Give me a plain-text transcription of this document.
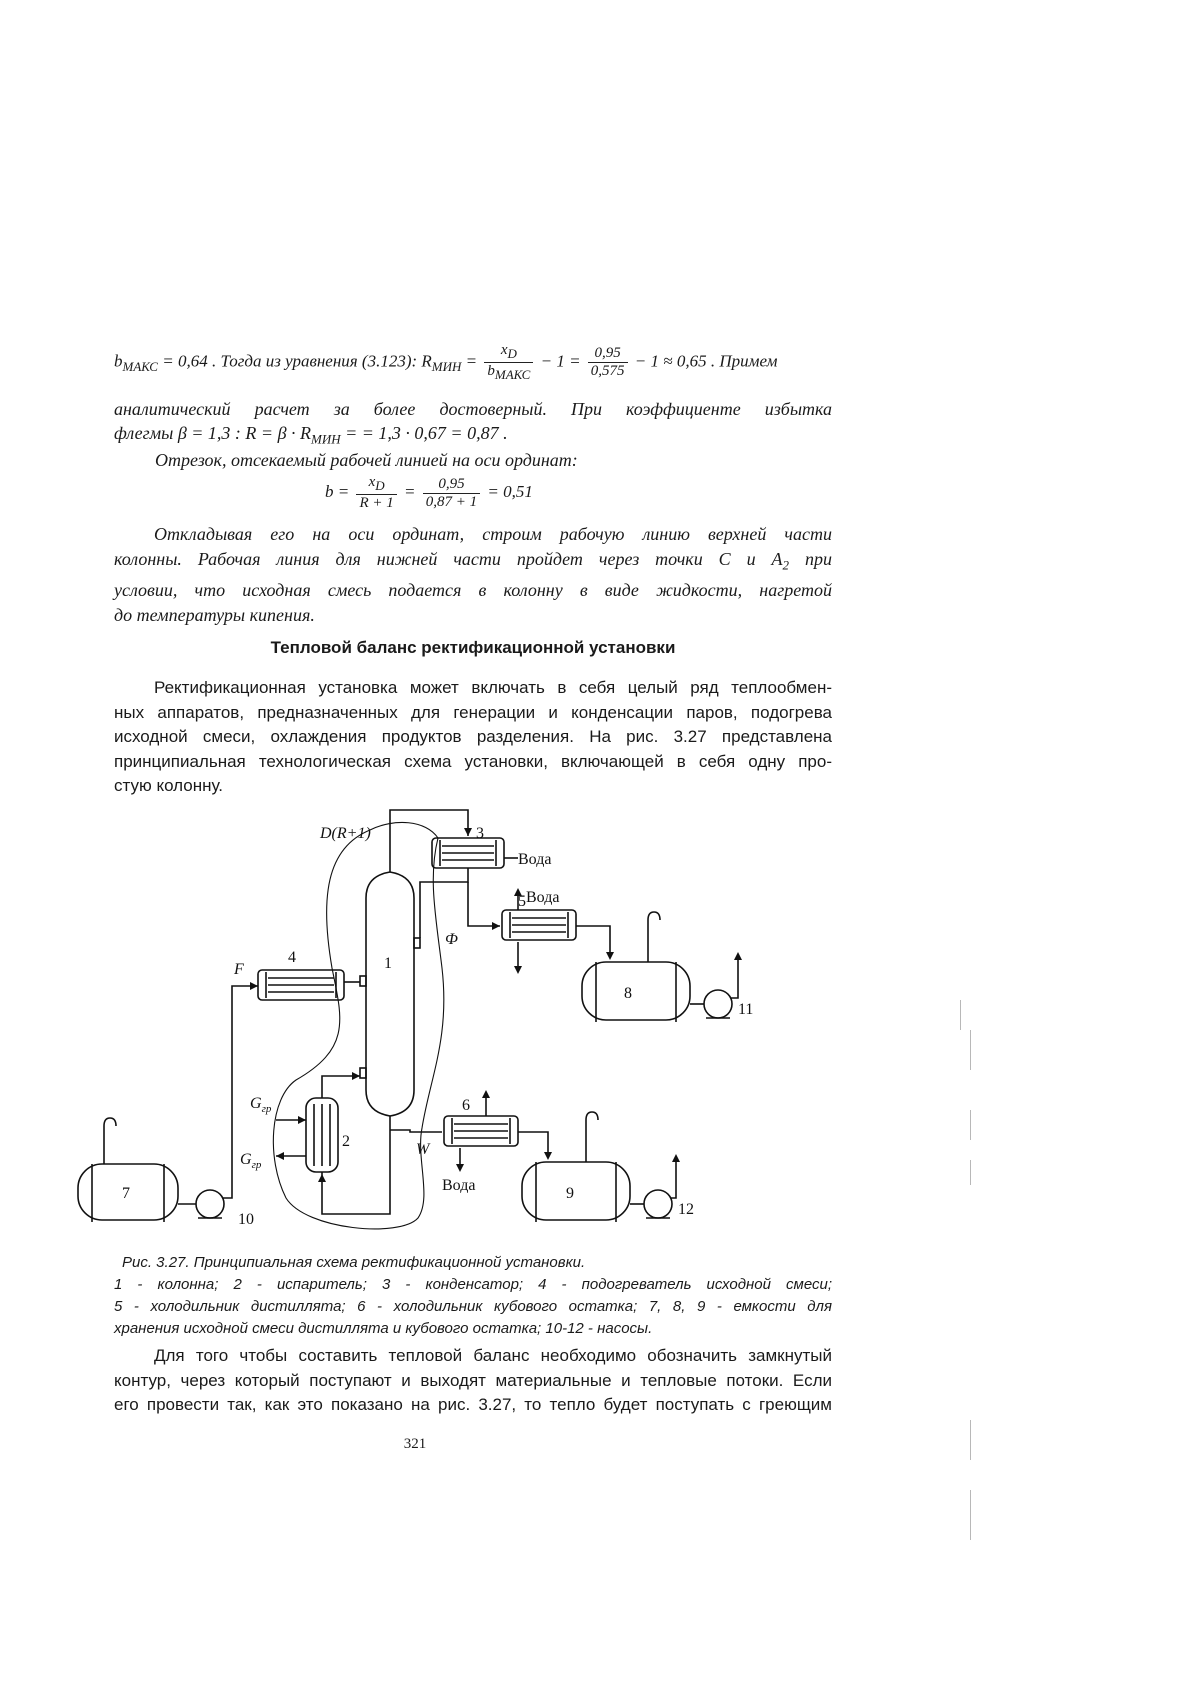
$b_{МАКС} = 0,64$ . Тогда из уравнения (3.123): $R_{МИН}$ =
$x_D$
$b_{МАКС}$
− $1 = \frac{0,95}{0,575} - 1 \approx 0,65$ . Примем
аналитический расчет за более достоверный. При коэффициенте избытка
флегмы β = 1,3 : $R = \beta \cdot R_{МИН}$ = = 1,3 · 0,67 = 0,87 .
Отрезок, отсекаемый рабочей линией на оси ординат:
$b = \frac{x_D}{R + 1} = \frac{0,95}{0,87 + 1} = 0,51$
Откладывая его на оси ординат, строим рабочую линию верхней части
колонны. Рабочая линия для нижней части пройдет через точки C и $A_2$ при
условии, что исходная смесь подается в колонну в виде жидкости, нагретой
до температуры кипения.
Тепловой баланс ректификационной установки
Ректификационная установка может включать в себя целый ряд теплообмен-
ных аппаратов, предназначенных для генерации и конденсации паров, подогрева
исходной смеси, охлаждения продуктов разделения. На рис. 3.27 представлена
принципиальная технологическая схема установки, включающей в себя одну про-
стую колонну.
D(R+1)
Ф
F
W
$G_{гр}$
$G_{гр}$
Вода
Вода
Вода
1
2
3
4
5
6
7
8
9
10
11
12
Рис. 3.27. Принципиальная схема ректификационной установки.
1 - колонна; 2 - испаритель; 3 - конденсатор; 4 - подогреватель исходной смеси;
5 - холодильник дистиллята; 6 - холодильник кубового остатка; 7, 8, 9 - емкости для
хранения исходной смеси дистиллята и кубового остатка; 10-12 - насосы.
Для того чтобы составить тепловой баланс необходимо обозначить замкнутый
контур, через который поступают и выходят материальные и тепловые потоки. Если
его провести так, как это показано на рис. 3.27, то тепло будет поступать с греющим
321
